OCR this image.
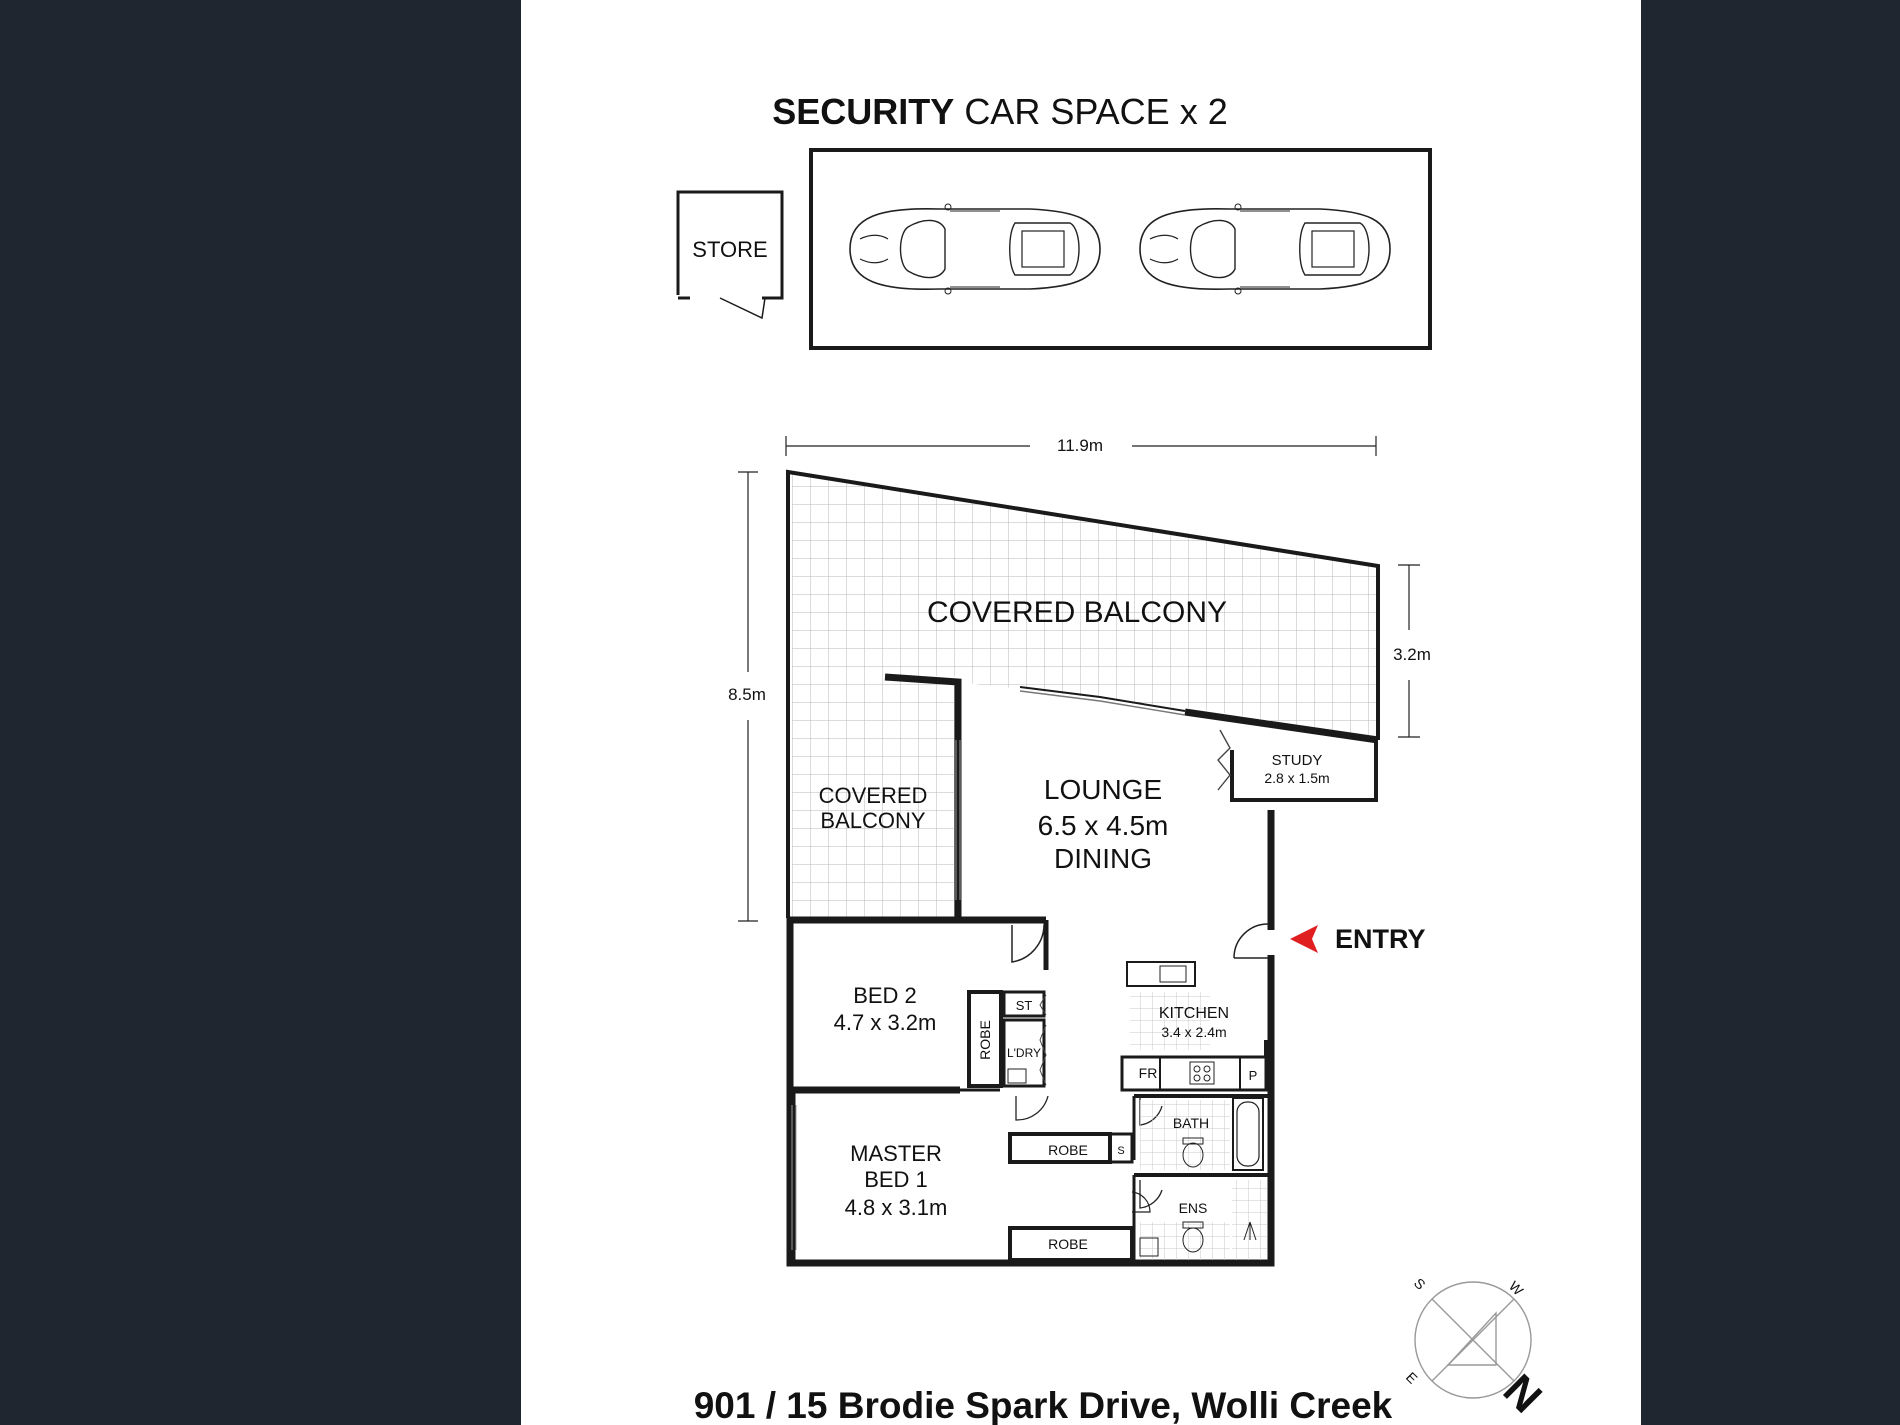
SECURITY CAR SPACE x 2
STORE
11.9m
8.5m
3.2m
STUDY
2.8 x 1.5m
COVERED BALCONY
COVERED
BALCONY
LOUNGE
6.5 x 4.5m
DINING
ENTRY
BED 2
4.7 x 3.2m	ROBE
ST
L'DRY
KITCHEN
3.4 x 2.4m
FR	P
BATH
ENS
ROBE	S
ROBE
MASTER
BED 1
4.8 x 3.1m
S	W
E N
901 / 15 Brodie Spark Drive, Wolli Creek
